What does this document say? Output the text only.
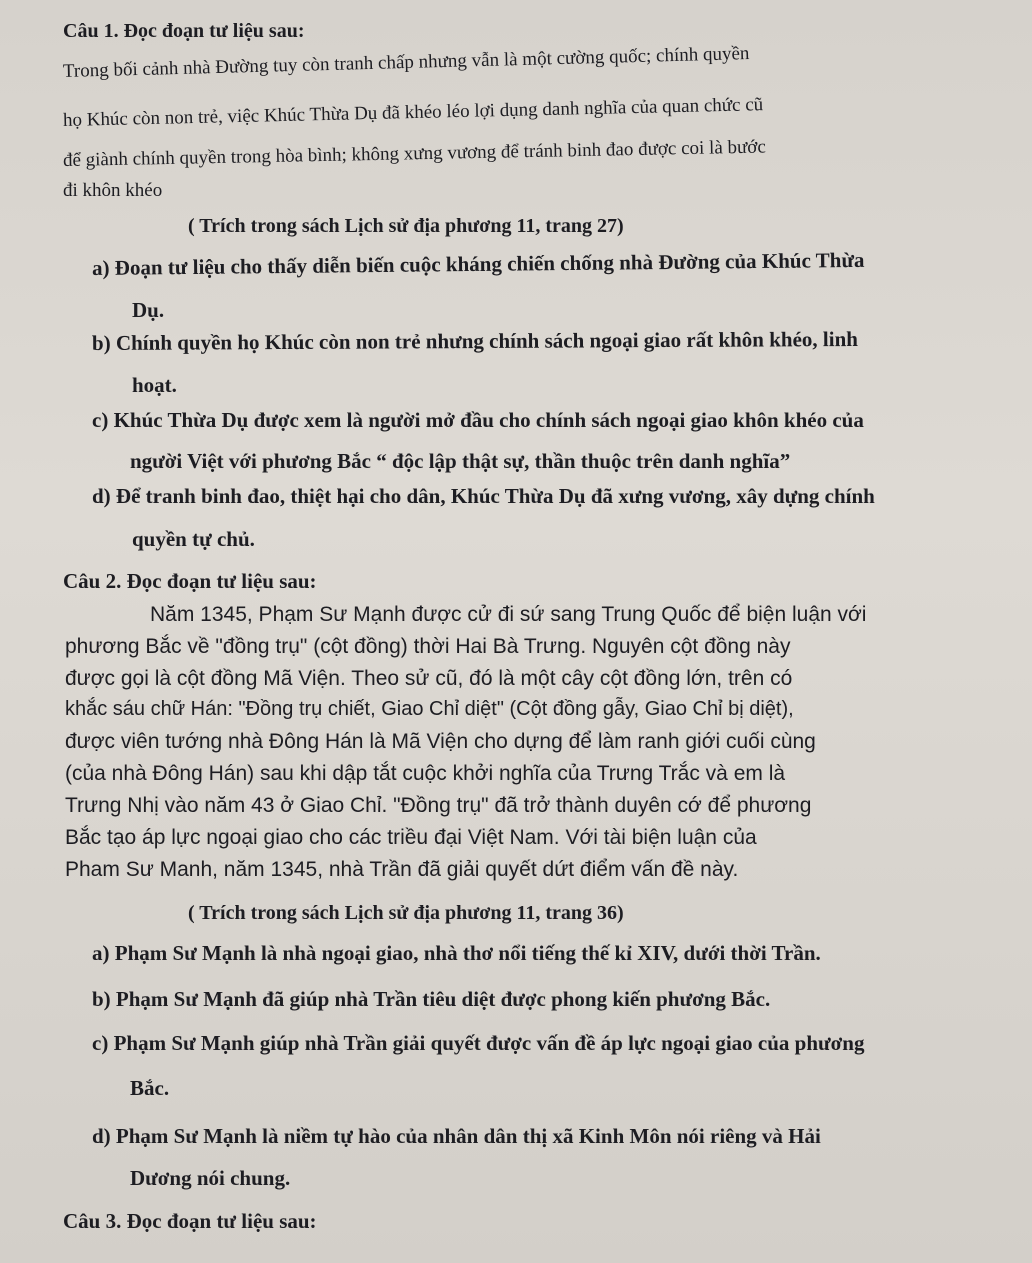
Câu 1. Đọc đoạn tư liệu sau:

Trong bối cảnh nhà Đường tuy còn tranh chấp nhưng vẫn là một cường quốc; chính quyền

họ Khúc còn non trẻ, việc Khúc Thừa Dụ đã khéo léo lợi dụng danh nghĩa của quan chức cũ

để giành chính quyền trong hòa bình; không xưng vương để tránh binh đao được coi là bước

đi khôn khéo

( Trích trong sách Lịch sử địa phương 11, trang 27)

a) Đoạn tư liệu cho thấy diễn biến cuộc kháng chiến chống nhà Đường của Khúc Thừa

Dụ.

b) Chính quyền họ Khúc còn non trẻ nhưng chính sách ngoại giao rất khôn khéo, linh

hoạt.

c) Khúc Thừa Dụ được xem là người mở đầu cho chính sách ngoại giao khôn khéo của

người Việt với phương Bắc “ độc lập thật sự, thần thuộc trên danh nghĩa”

d) Để tranh binh đao, thiệt hại cho dân, Khúc Thừa Dụ đã xưng vương, xây dựng chính

quyền tự chủ.

Câu 2. Đọc đoạn tư liệu sau:

Năm 1345, Phạm Sư Mạnh được cử đi sứ sang Trung Quốc để biện luận với

phương Bắc về "đồng trụ" (cột đồng) thời Hai Bà Trưng. Nguyên cột đồng này

được gọi là cột đồng Mã Viện. Theo sử cũ, đó là một cây cột đồng lớn, trên có

khắc sáu chữ Hán: "Đồng trụ chiết, Giao Chỉ diệt" (Cột đồng gẫy, Giao Chỉ bị diệt),

được viên tướng nhà Đông Hán là Mã Viện cho dựng để làm ranh giới cuối cùng

(của nhà Đông Hán) sau khi dập tắt cuộc khởi nghĩa của Trưng Trắc và em là

Trưng Nhị vào năm 43 ở Giao Chỉ. "Đồng trụ" đã trở thành duyên cớ để phương

Bắc tạo áp lực ngoại giao cho các triều đại Việt Nam. Với tài biện luận của

Pham Sư Manh, năm 1345, nhà Trần đã giải quyết dứt điểm vấn đề này.

( Trích trong sách Lịch sử địa phương 11, trang 36)

a) Phạm Sư Mạnh là nhà ngoại giao, nhà thơ nổi tiếng thế kỉ XIV, dưới thời Trần.

b) Phạm Sư Mạnh đã giúp nhà Trần tiêu diệt được phong kiến phương Bắc.

c) Phạm Sư Mạnh giúp nhà Trần giải quyết được vấn đề áp lực ngoại giao của phương

Bắc.

d) Phạm Sư Mạnh là niềm tự hào của nhân dân thị xã Kinh Môn nói riêng và Hải

Dương nói chung.

Câu 3. Đọc đoạn tư liệu sau:
